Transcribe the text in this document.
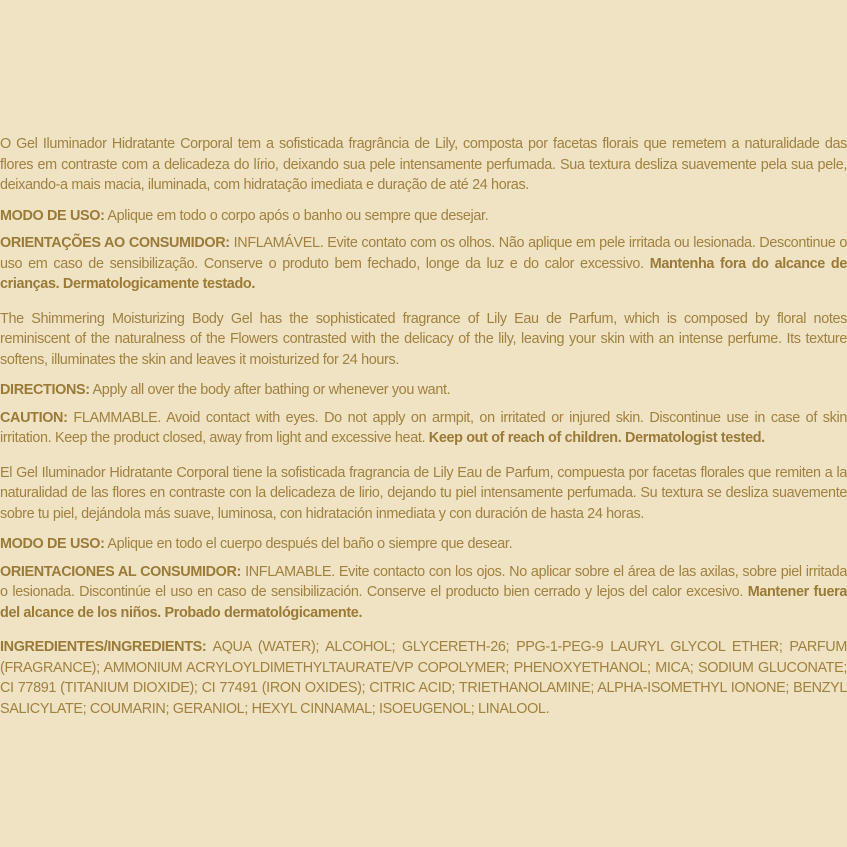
O Gel Iluminador Hidratante Corporal tem a sofisticada fragrância de Lily, composta por facetas florais que remetem a naturalidade das flores em contraste com a delicadeza do lírio, deixando sua pele intensamente perfumada. Sua textura desliza suavemente pela sua pele, deixando-a mais macia, iluminada, com hidratação imediata e duração de até 24 horas.

MODO DE USO: Aplique em todo o corpo após o banho ou sempre que desejar.

ORIENTAÇÕES AO CONSUMIDOR: INFLAMÁVEL. Evite contato com os olhos. Não aplique em pele irritada ou lesionada. Descontinue o uso em caso de sensibilização. Conserve o produto bem fechado, longe da luz e do calor excessivo. Mantenha fora do alcance de crianças. Dermatologicamente testado.

The Shimmering Moisturizing Body Gel has the sophisticated fragrance of Lily Eau de Parfum, which is composed by floral notes reminiscent of the naturalness of the Flowers contrasted with the delicacy of the lily, leaving your skin with an intense perfume. Its texture softens, illuminates the skin and leaves it moisturized for 24 hours.

DIRECTIONS: Apply all over the body after bathing or whenever you want.

CAUTION: FLAMMABLE. Avoid contact with eyes. Do not apply on armpit, on irritated or injured skin. Discontinue use in case of skin irritation. Keep the product closed, away from light and excessive heat. Keep out of reach of children. Dermatologist tested.

El Gel Iluminador Hidratante Corporal tiene la sofisticada fragrancia de Lily Eau de Parfum, compuesta por facetas florales que remiten a la naturalidad de las flores en contraste con la delicadeza de lirio, dejando tu piel intensamente perfumada. Su textura se desliza suavemente sobre tu piel, dejándola más suave, luminosa, con hidratación inmediata y con duración de hasta 24 horas.

MODO DE USO: Aplique en todo el cuerpo después del baño o siempre que desear.

ORIENTACIONES AL CONSUMIDOR: INFLAMABLE. Evite contacto con los ojos. No aplicar sobre el área de las axilas, sobre piel irritada o lesionada. Discontinúe el uso en caso de sensibilización. Conserve el producto bien cerrado y lejos del calor excesivo. Mantener fuera del alcance de los niños. Probado dermatológicamente.

INGREDIENTES/INGREDIENTS: AQUA (WATER); ALCOHOL; GLYCERETH-26; PPG-1-PEG-9 LAURYL GLYCOL ETHER; PARFUM (FRAGRANCE); AMMONIUM ACRYLOYLDIMETHYLTAURATE/VP COPOLYMER; PHENOXYETHANOL; MICA; SODIUM GLUCONATE; CI 77891 (TITANIUM DIOXIDE); CI 77491 (IRON OXIDES); CITRIC ACID; TRIETHANOLAMINE; ALPHA-ISOMETHYL IONONE; BENZYL SALICYLATE; COUMARIN; GERANIOL; HEXYL CINNAMAL; ISOEUGENOL; LINALOOL.
